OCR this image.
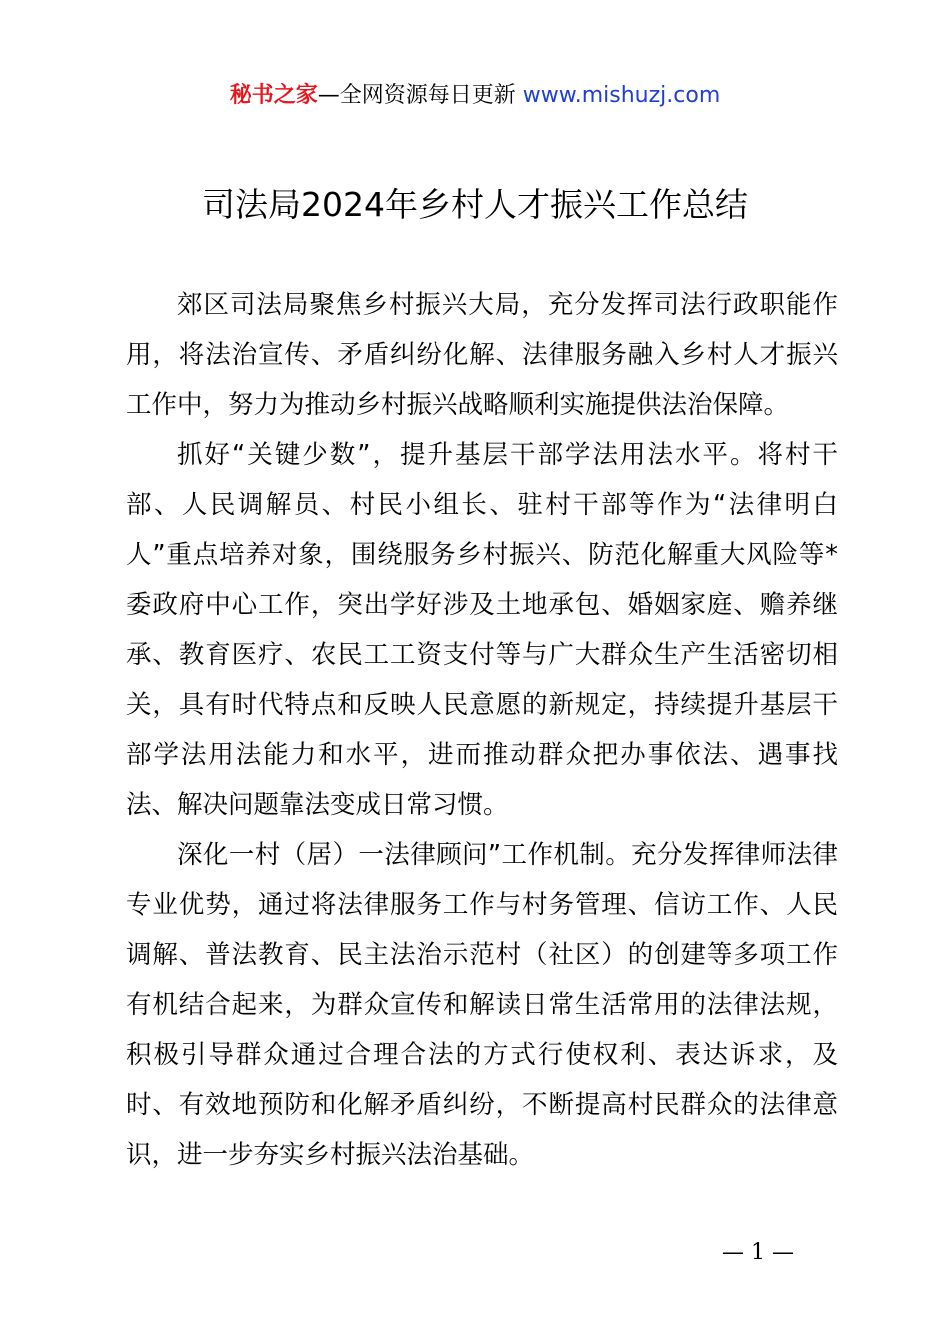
秘书之家—全网资源每日更新 www.mishuzj.com
司法局2024年乡村人才振兴工作总结

郊区司法局聚焦乡村振兴大局，充分发挥司法行政职能作用，将法治宣传、矛盾纠纷化解、法律服务融入乡村人才振兴工作中，努力为推动乡村振兴战略顺利实施提供法治保障。

抓好“关键少数”，提升基层干部学法用法水平。将村干部、人民调解员、村民小组长、驻村干部等作为“法律明白人”重点培养对象，围绕服务乡村振兴、防范化解重大风险等*委政府中心工作，突出学好涉及土地承包、婚姻家庭、赡养继承、教育医疗、农民工工资支付等与广大群众生产生活密切相关，具有时代特点和反映人民意愿的新规定，持续提升基层干部学法用法能力和水平，进而推动群众把办事依法、遇事找法、解决问题靠法变成日常习惯。

深化一村（居）一法律顾问”工作机制。充分发挥律师法律专业优势，通过将法律服务工作与村务管理、信访工作、人民调解、普法教育、民主法治示范村（社区）的创建等多项工作有机结合起来，为群众宣传和解读日常生活常用的法律法规，积极引导群众通过合理合法的方式行使权利、表达诉求，及时、有效地预防和化解矛盾纠纷，不断提高村民群众的法律意识，进一步夯实乡村振兴法治基础。

— 1 —
